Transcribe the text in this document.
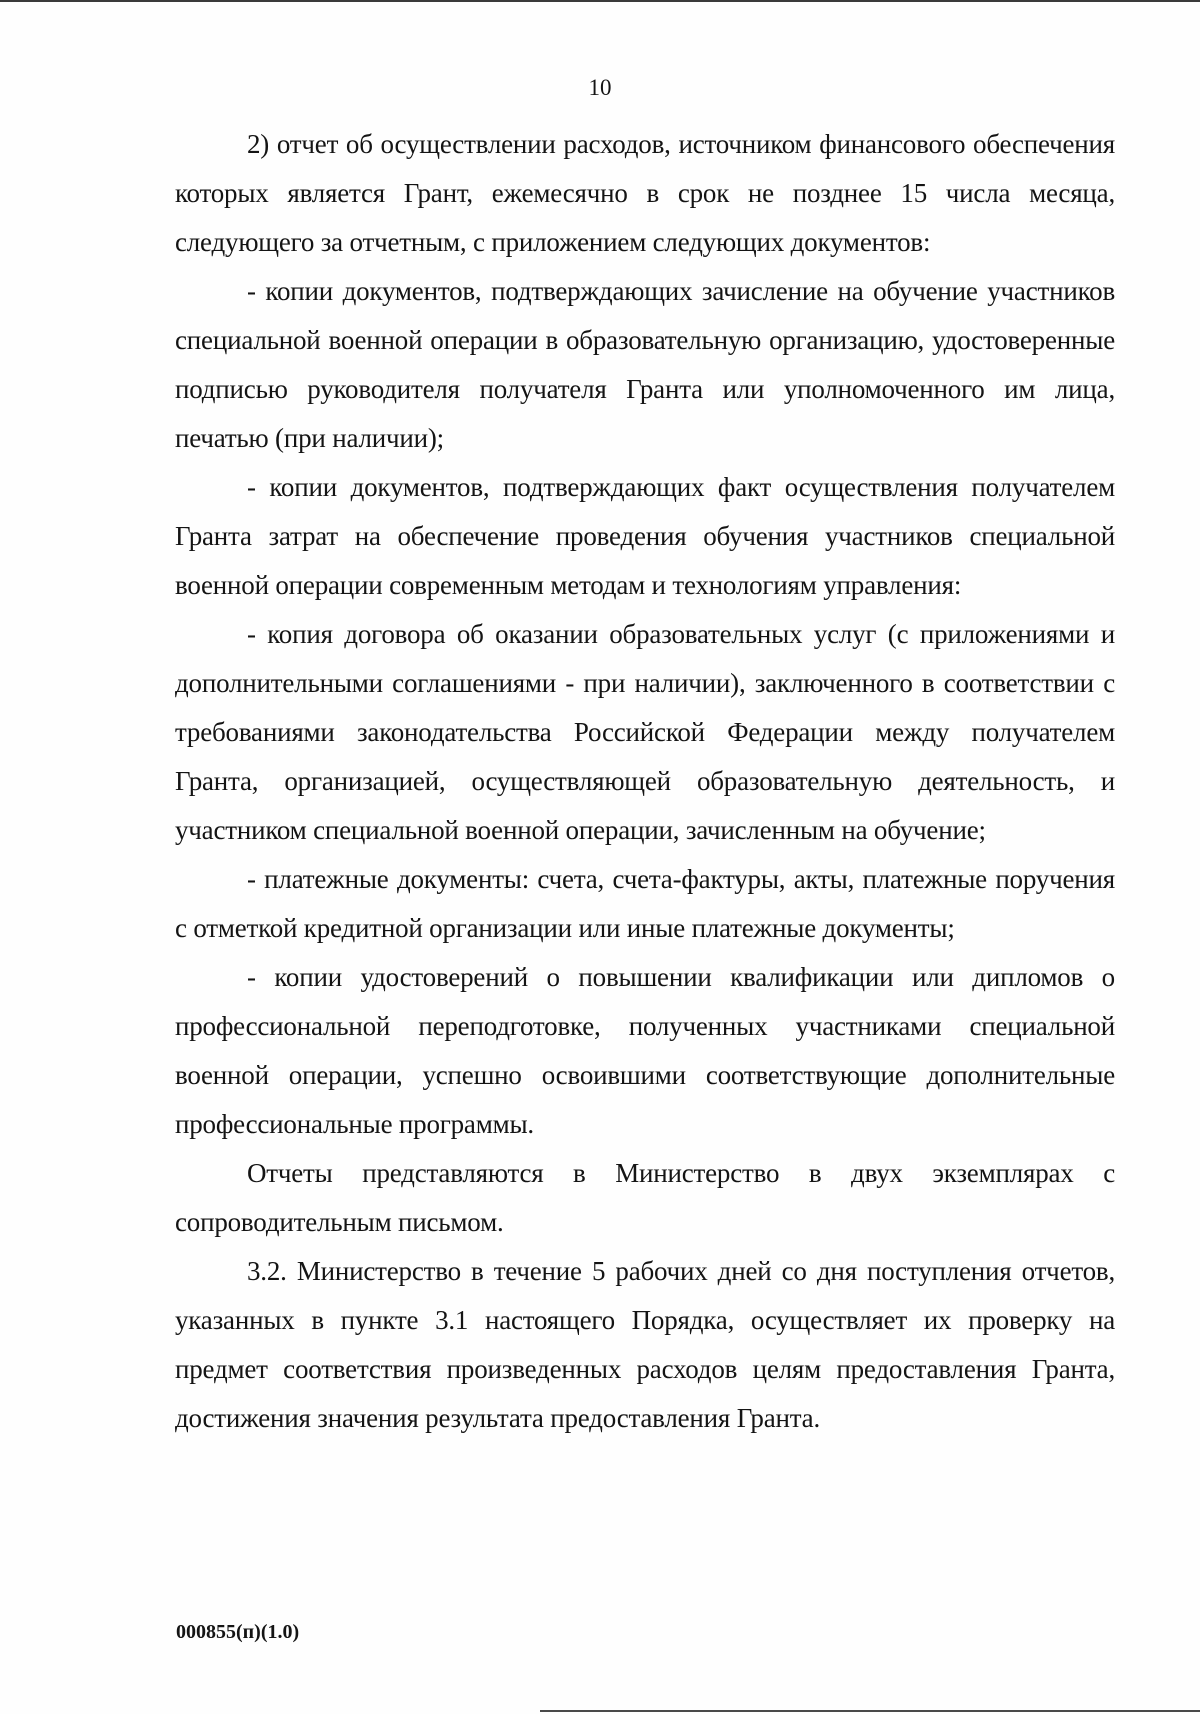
10

2) отчет об осуществлении расходов, источником финансового обеспечения которых является Грант, ежемесячно в срок не позднее 15 числа месяца, следующего за отчетным, с приложением следующих документов:

- копии документов, подтверждающих зачисление на обучение участников специальной военной операции в образовательную организацию, удостоверенные подписью руководителя получателя Гранта или уполномоченного им лица, печатью (при наличии);

- копии документов, подтверждающих факт осуществления получателем Гранта затрат на обеспечение проведения обучения участников специальной военной операции современным методам и технологиям управления:

- копия договора об оказании образовательных услуг (с приложениями и дополнительными соглашениями - при наличии), заключенного в соответствии с требованиями законодательства Российской Федерации между получателем Гранта, организацией, осуществляющей образовательную деятельность, и участником специальной военной операции, зачисленным на обучение;

- платежные документы: счета, счета-фактуры, акты, платежные поручения с отметкой кредитной организации или иные платежные документы;

- копии удостоверений о повышении квалификации или дипломов о профессиональной переподготовке, полученных участниками специальной военной операции, успешно освоившими соответствующие дополнительные профессиональные программы.

Отчеты представляются в Министерство в двух экземплярах с сопроводительным письмом.

3.2. Министерство в течение 5 рабочих дней со дня поступления отчетов, указанных в пункте 3.1 настоящего Порядка, осуществляет их проверку на предмет соответствия произведенных расходов целям предоставления Гранта, достижения значения результата предоставления Гранта.

000855(п)(1.0)
